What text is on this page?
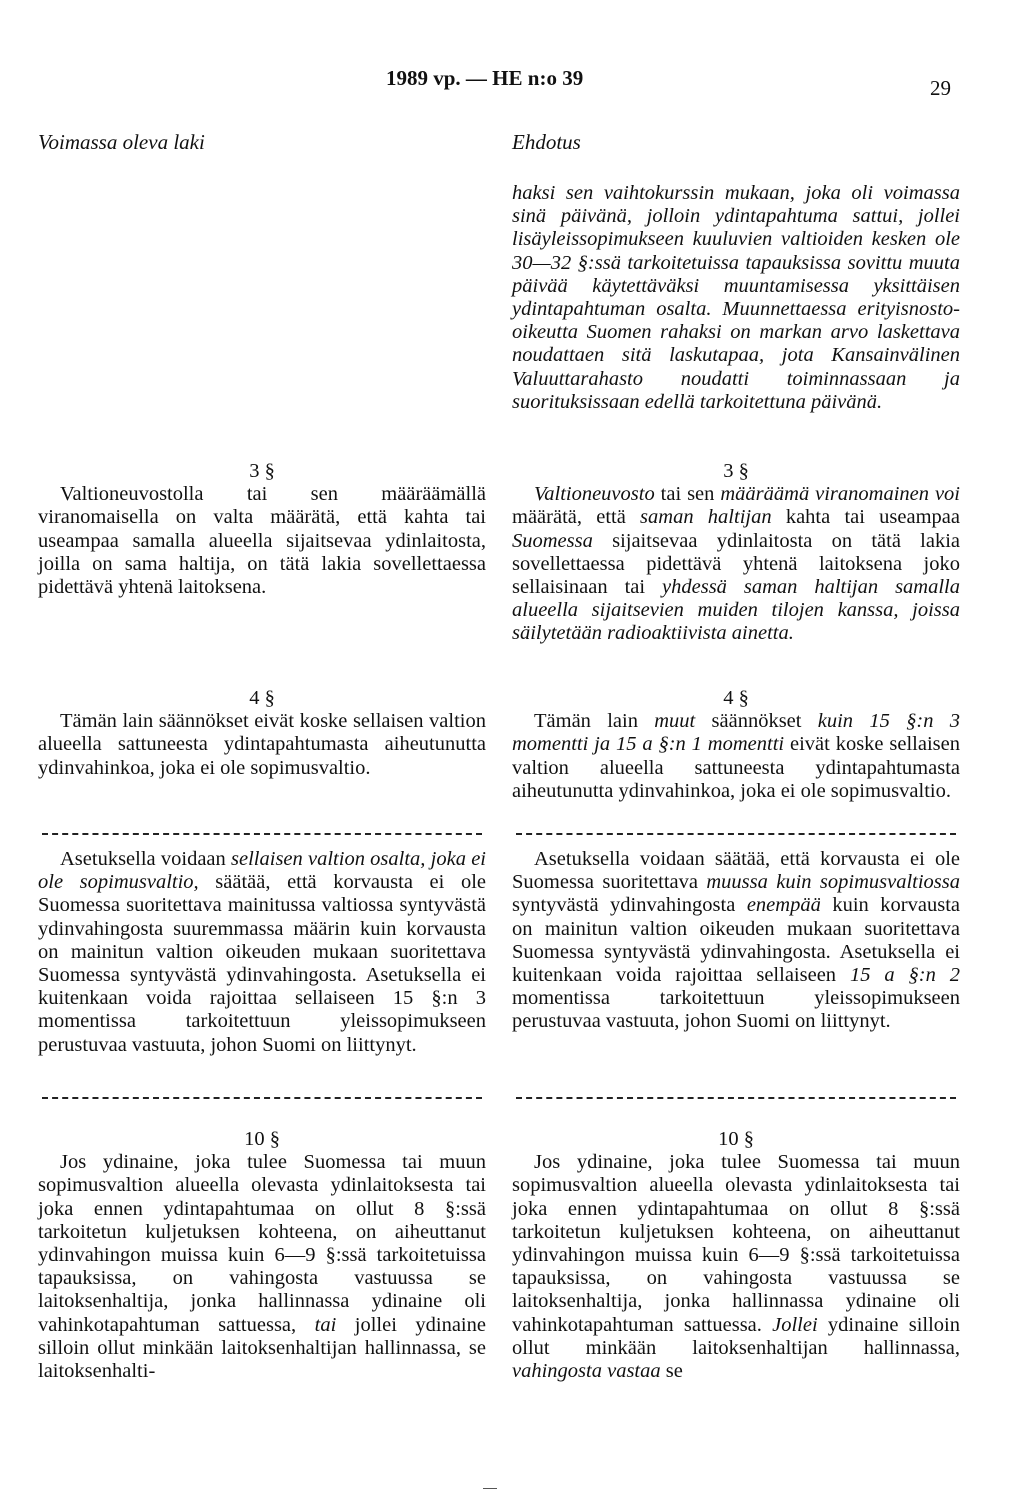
1989 vp. — HE n:o 39	29
Voimassa oleva laki	Ehdotus

haksi sen vaihtokurssin mukaan, joka oli voimassa sinä päivänä, jolloin ydintapahtuma sattui, jollei lisäyleissopimukseen kuuluvien valtioiden kesken ole 30—32 §:ssä tarkoitetuissa tapauksissa sovittu muuta päivää käytettäväksi muuntamisessa yksittäisen ydintapahtuman osalta. Muunnettaessa erityisnosto-oikeutta Suomen rahaksi on markan arvo laskettava noudattaen sitä laskutapaa, jota Kansainvälinen Valuuttarahasto noudatti toiminnassaan ja suorituksissaan edellä tarkoitettuna päivänä.

3 §

Valtioneuvostolla tai sen määräämällä viranomaisella on valta määrätä, että kahta tai useampaa samalla alueella sijaitsevaa ydinlaitosta, joilla on sama haltija, on tätä lakia sovellettaessa pidettävä yhtenä laitoksena.

3 §

Valtioneuvosto tai sen määräämä viranomainen voi määrätä, että saman haltijan kahta tai useampaa Suomessa sijaitsevaa ydinlaitosta on tätä lakia sovellettaessa pidettävä yhtenä laitoksena joko sellaisinaan tai yhdessä saman haltijan samalla alueella sijaitsevien muiden tilojen kanssa, joissa säilytetään radioaktiivista ainetta.

4 §

Tämän lain säännökset eivät koske sellaisen valtion alueella sattuneesta ydintapahtumasta aiheutunutta ydinvahinkoa, joka ei ole sopimusvaltio.

4 §

Tämän lain muut säännökset kuin 15 §:n 3 momentti ja 15 a §:n 1 momentti eivät koske sellaisen valtion alueella sattuneesta ydintapahtumasta aiheutunutta ydinvahinkoa, joka ei ole sopimusvaltio.

Asetuksella voidaan sellaisen valtion osalta, joka ei ole sopimusvaltio, säätää, että korvausta ei ole Suomessa suoritettava mainitussa valtiossa syntyvästä ydinvahingosta suuremmassa määrin kuin korvausta on mainitun valtion oikeuden mukaan suoritettava Suomessa syntyvästä ydinvahingosta. Asetuksella ei kuitenkaan voida rajoittaa sellaiseen 15 §:n 3 momentissa tarkoitettuun yleissopimukseen perustuvaa vastuuta, johon Suomi on liittynyt.

Asetuksella voidaan säätää, että korvausta ei ole Suomessa suoritettava muussa kuin sopimusvaltiossa syntyvästä ydinvahingosta enempää kuin korvausta on mainitun valtion oikeuden mukaan suoritettava Suomessa syntyvästä ydinvahingosta. Asetuksella ei kuitenkaan voida rajoittaa sellaiseen 15 a §:n 2 momentissa tarkoitettuun yleissopimukseen perustuvaa vastuuta, johon Suomi on liittynyt.

10 §

Jos ydinaine, joka tulee Suomessa tai muun sopimusvaltion alueella olevasta ydinlaitoksesta tai joka ennen ydintapahtumaa on ollut 8 §:ssä tarkoitetun kuljetuksen kohteena, on aiheuttanut ydinvahingon muissa kuin 6—9 §:ssä tarkoitetuissa tapauksissa, on vahingosta vastuussa se laitoksenhaltija, jonka hallinnassa ydinaine oli vahinkotapahtuman sattuessa, tai jollei ydinaine silloin ollut minkään laitoksenhaltijan hallinnassa, se laitoksenhalti-

10 §

Jos ydinaine, joka tulee Suomessa tai muun sopimusvaltion alueella olevasta ydinlaitoksesta tai joka ennen ydintapahtumaa on ollut 8 §:ssä tarkoitetun kuljetuksen kohteena, on aiheuttanut ydinvahingon muissa kuin 6—9 §:ssä tarkoitetuissa tapauksissa, on vahingosta vastuussa se laitoksenhaltija, jonka hallinnassa ydinaine oli vahinkotapahtuman sattuessa. Jollei ydinaine silloin ollut minkään laitoksenhaltijan hallinnassa, vahingosta vastaa se
